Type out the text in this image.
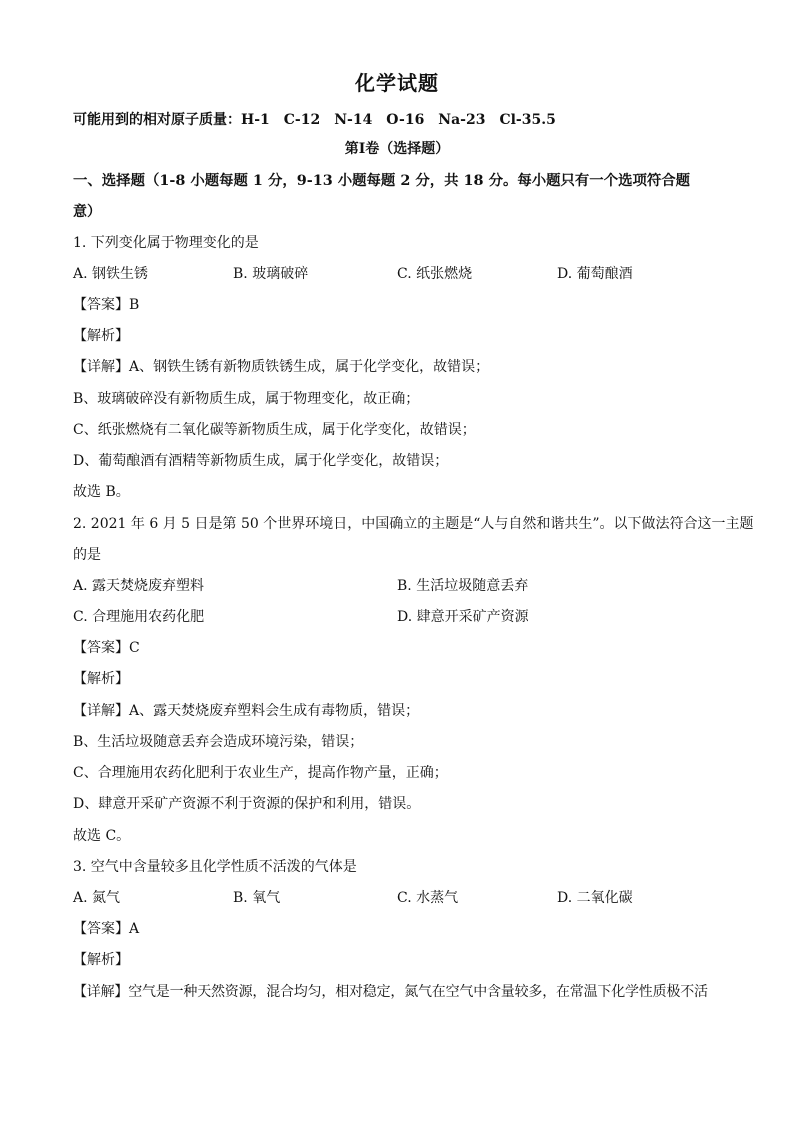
化学试题
可能用到的相对原子质量：H-1　C-12　N-14　O-16　Na-23　Cl-35.5
第Ⅰ卷（选择题）
一、选择题（1-8 小题每题 1 分，9-13 小题每题 2 分，共 18 分。每小题只有一个选项符合题
意）
1. 下列变化属于物理变化的是
A. 钢铁生锈	B. 玻璃破碎	C. 纸张燃烧	D. 葡萄酿酒
【答案】B
【解析】
【详解】A、钢铁生锈有新物质铁锈生成，属于化学变化，故错误；
B、玻璃破碎没有新物质生成，属于物理变化，故正确；
C、纸张燃烧有二氧化碳等新物质生成，属于化学变化，故错误；
D、葡萄酿酒有酒精等新物质生成，属于化学变化，故错误；
故选 B。
2. 2021 年 6 月 5 日是第 50 个世界环境日，中国确立的主题是“人与自然和谐共生”。以下做法符合这一主题
的是
A. 露天焚烧废弃塑料	B. 生活垃圾随意丢弃
C. 合理施用农药化肥	D. 肆意开采矿产资源
【答案】C
【解析】
【详解】A、露天焚烧废弃塑料会生成有毒物质，错误；
B、生活垃圾随意丢弃会造成环境污染，错误；
C、合理施用农药化肥利于农业生产，提高作物产量，正确；
D、肆意开采矿产资源不利于资源的保护和利用，错误。
故选 C。
3. 空气中含量较多且化学性质不活泼的气体是
A. 氮气	B. 氧气	C. 水蒸气	D. 二氧化碳
【答案】A
【解析】
【详解】空气是一种天然资源，混合均匀，相对稳定，氮气在空气中含量较多，在常温下化学性质极不活
